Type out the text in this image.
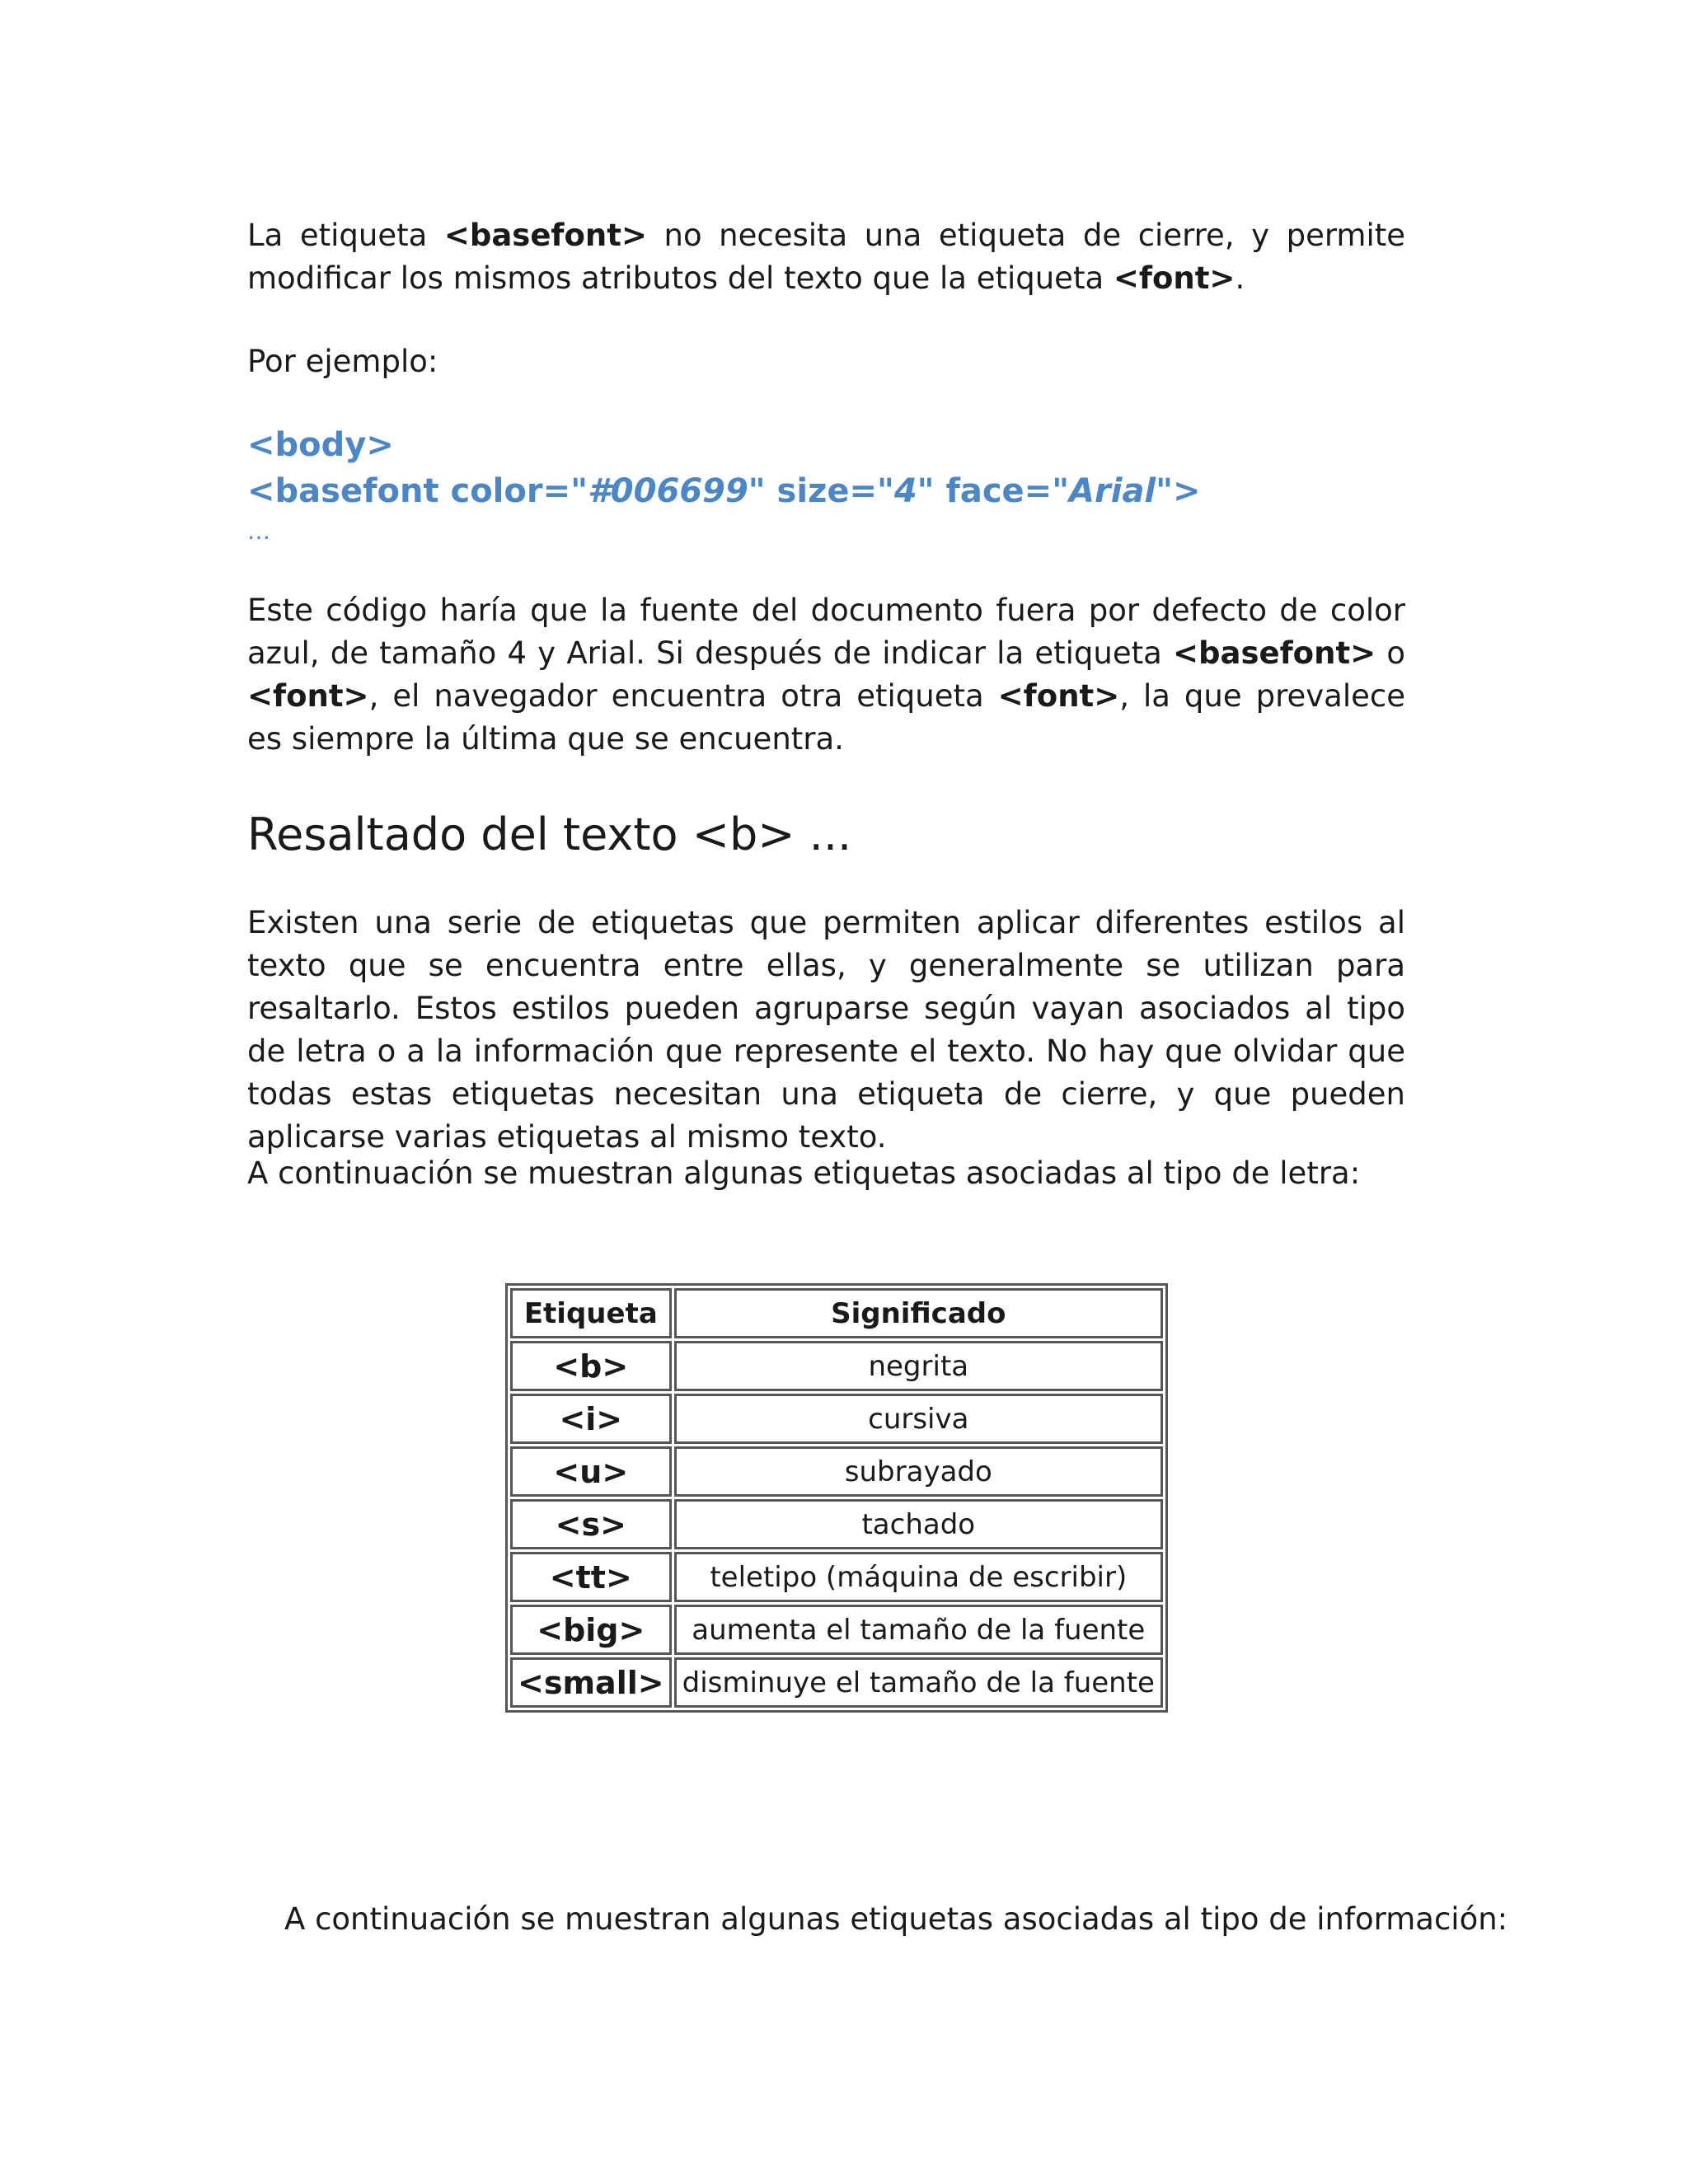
La etiqueta <basefont> no necesita una etiqueta de cierre, y permite modificar los mismos atributos del texto que la etiqueta <font>.

Por ejemplo:

<body>

<basefont color="#006699" size="4" face="Arial">

…

Este código haría que la fuente del documento fuera por defecto de color azul, de tamaño 4 y Arial. Si después de indicar la etiqueta <basefont> o <font>, el navegador encuentra otra etiqueta <font>, la que prevalece es siempre la última que se encuentra.

Resaltado del texto <b> ...

Existen una serie de etiquetas que permiten aplicar diferentes estilos al texto que se encuentra entre ellas, y generalmente se utilizan para resaltarlo. Estos estilos pueden agruparse según vayan asociados al tipo de letra o a la información que represente el texto. No hay que olvidar que todas estas etiquetas necesitan una etiqueta de cierre, y que pueden aplicarse varias etiquetas al mismo texto.

A continuación se muestran algunas etiquetas asociadas al tipo de letra:

Etiqueta	Significado
<b>	negrita
<i>	cursiva
<u>	subrayado
<s>	tachado
<tt>	teletipo (máquina de escribir)
<big>	aumenta el tamaño de la fuente
<small>	disminuye el tamaño de la fuente

A continuación se muestran algunas etiquetas asociadas al tipo de información:
